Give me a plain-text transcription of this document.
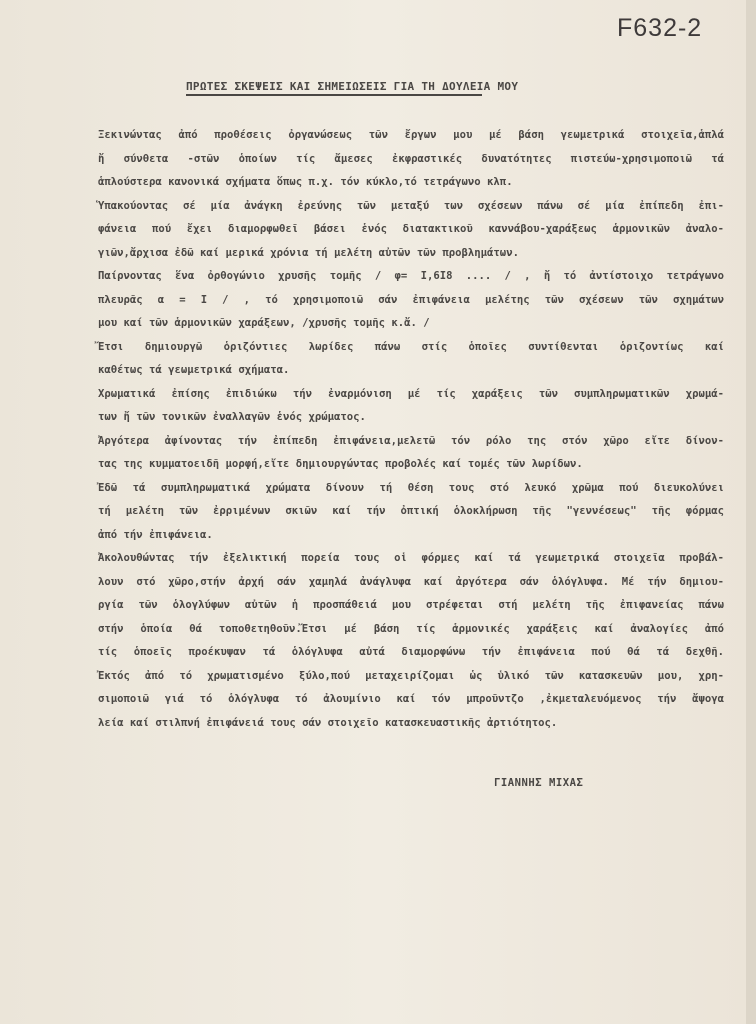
F632-2
ΠΡΩΤΕΣ ΣΚΕΨΕΙΣ ΚΑΙ ΣΗΜΕΙΩΣΕΙΣ ΓΙΑ ΤΗ ΔΟΥΛΕΙΑ ΜΟΥ
Ξεκινώντας ἀπό προθέσεις ὀργανώσεως τῶν ἔργων μου μέ βάση γεωμετρικά στοιχεῖα,ἁπλά
ἤ σύνθετα -στῶν ὁποίων τίς ἄμεσες ἐκφραστικές δυνατότητες πιστεύω-χρησιμοποιῶ τά
ἁπλούστερα κανονικά σχήματα ὅπως π.χ. τόν κύκλο,τό τετράγωνο κλπ.
Ὑπακούοντας σέ μία ἀνάγκη ἐρεύνης τῶν μεταξύ των σχέσεων πάνω σέ μία ἐπίπεδη ἐπι-
φάνεια πού ἔχει διαμορφωθεῖ βάσει ἑνός διατακτικοῦ καννάβου-χαράξεως ἁρμονικῶν ἀναλο-
γιῶν,ἄρχισα ἐδῶ καί μερικά χρόνια τή μελέτη αὐτῶν τῶν προβλημάτων.
Παίρνοντας ἕνα ὀρθογώνιο χρυσῆς τομῆς / φ= I,6I8 .... / , ἤ τό ἀντίστοιχο τετράγωνο
πλευρᾶς α = I / , τό χρησιμοποιῶ σάν ἐπιφάνεια μελέτης τῶν σχέσεων τῶν σχημάτων
μου καί τῶν ἁρμονικῶν χαράξεων, /χρυσῆς τομῆς κ.ἄ. /
Ἔτσι δημιουργῶ ὁριζόντιες λωρίδες πάνω στίς ὁποῖες συντίθενται ὁριζοντίως καί
καθέτως τά γεωμετρικά σχήματα.
Χρωματικά ἐπίσης ἐπιδιώκω τήν ἐναρμόνιση μέ τίς χαράξεις τῶν συμπληρωματικῶν χρωμά-
των ἤ τῶν τονικῶν ἐναλλαγῶν ἑνός χρώματος.
Ἀργότερα ἀφίνοντας τήν ἐπίπεδη ἐπιφάνεια,μελετῶ τόν ρόλο της στόν χῶρο εἴτε δίνον-
τας της κυμματοειδῆ μορφή,εἴτε δημιουργώντας προβολές καί τομές τῶν λωρίδων.
Ἐδῶ τά συμπληρωματικά χρώματα δίνουν τή θέση τους στό λευκό χρῶμα πού διευκολύνει
τή μελέτη τῶν ἐρριμένων σκιῶν καί τήν ὀπτική ὁλοκλήρωση τῆς "γεννέσεως" τῆς φόρμας
ἀπό τήν ἐπιφάνεια.
Ἀκολουθώντας τήν ἐξελικτική πορεία τους οἱ φόρμες καί τά γεωμετρικά στοιχεῖα προβάλ-
λουν στό χῶρο,στήν ἀρχή σάν χαμηλά ἀνάγλυφα καί ἀργότερα σάν ὁλόγλυφα. Μέ τήν δημιου-
ργία τῶν ὁλογλύφων αὐτῶν ἡ προσπάθειά μου στρέφεται στή μελέτη τῆς ἐπιφανείας πάνω
στήν ὁποία θά τοποθετηθοῦν.Ἔτσι μέ βάση τίς ἁρμονικές χαράξεις καί ἀναλογίες ἀπό
τίς ὁποεῖς προέκυψαν τά ὁλόγλυφα αὐτά διαμορφώνω τήν ἐπιφάνεια πού θά τά δεχθῆ.
Ἐκτός ἀπό τό χρωματισμένο ξύλο,πού μεταχειρίζομαι ὡς ὑλικό τῶν κατασκευῶν μου, χρη-
σιμοποιῶ γιά τό ὁλόγλυφα τό ἀλουμίνιο καί τόν μπροῦντζο ,ἐκμεταλευόμενος τήν ἄψογα
λεία καί στιλπνή ἐπιφάνειά τους σάν στοιχεῖο κατασκευαστικῆς ἀρτιότητος.
ΓΙΑΝΝΗΣ ΜΙΧΑΣ
